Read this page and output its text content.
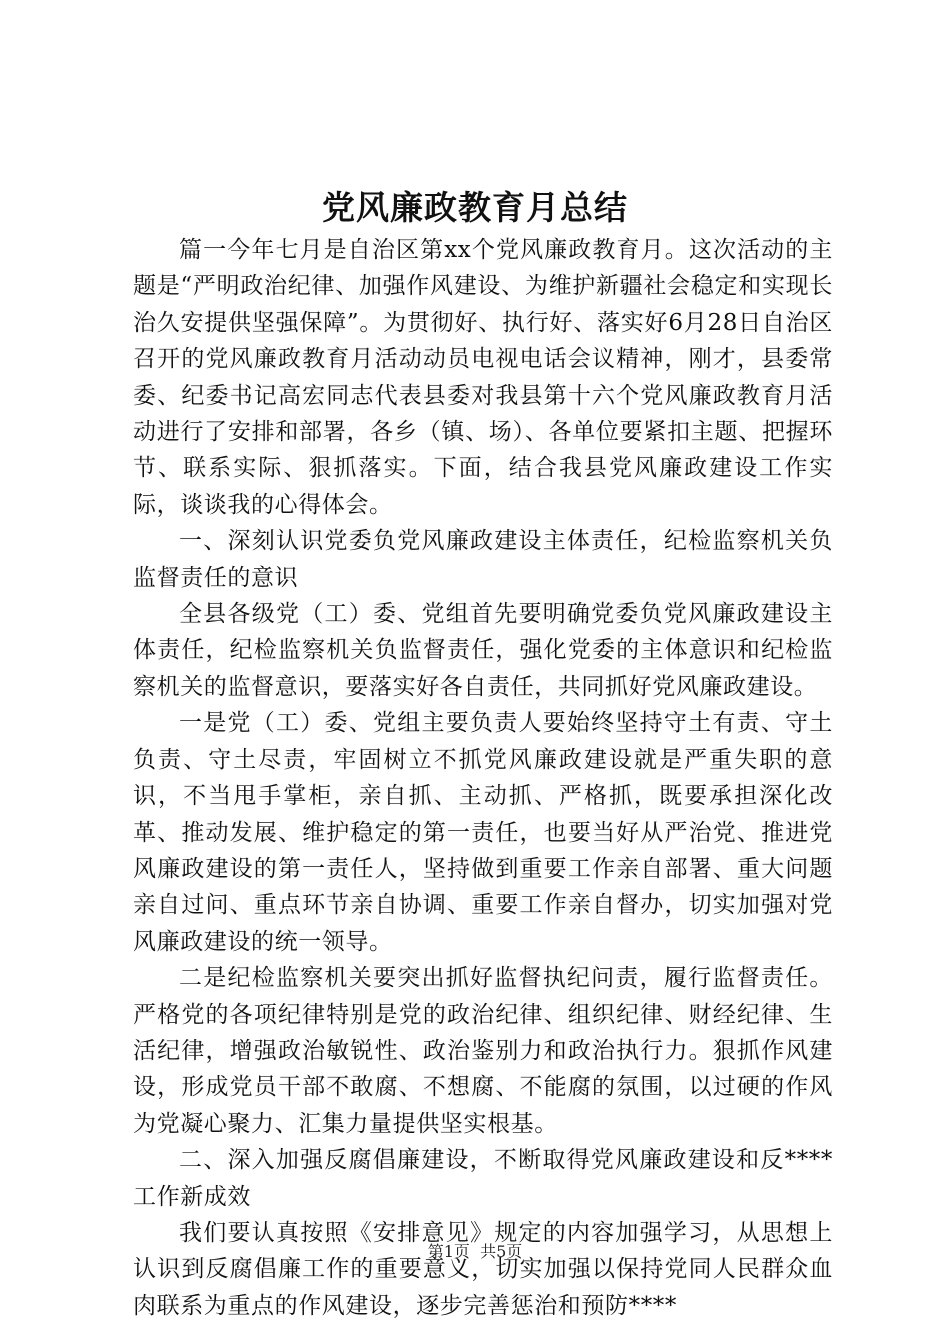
党风廉政教育月总结

篇一今年七月是自治区第xx个党风廉政教育月。这次活动的主题是“严明政治纪律、加强作风建设、为维护新疆社会稳定和实现长治久安提供坚强保障”。为贯彻好、执行好、落实好6月28日自治区召开的党风廉政教育月活动动员电视电话会议精神，刚才，县委常委、纪委书记高宏同志代表县委对我县第十六个党风廉政教育月活动进行了安排和部署，各乡（镇、场）、各单位要紧扣主题、把握环节、联系实际、狠抓落实。下面，结合我县党风廉政建设工作实际，谈谈我的心得体会。

一、深刻认识党委负党风廉政建设主体责任，纪检监察机关负监督责任的意识

全县各级党（工）委、党组首先要明确党委负党风廉政建设主体责任，纪检监察机关负监督责任，强化党委的主体意识和纪检监察机关的监督意识，要落实好各自责任，共同抓好党风廉政建设。

一是党（工）委、党组主要负责人要始终坚持守土有责、守土负责、守土尽责，牢固树立不抓党风廉政建设就是严重失职的意识，不当甩手掌柜，亲自抓、主动抓、严格抓，既要承担深化改革、推动发展、维护稳定的第一责任，也要当好从严治党、推进党风廉政建设的第一责任人，坚持做到重要工作亲自部署、重大问题亲自过问、重点环节亲自协调、重要工作亲自督办，切实加强对党风廉政建设的统一领导。

二是纪检监察机关要突出抓好监督执纪问责，履行监督责任。严格党的各项纪律特别是党的政治纪律、组织纪律、财经纪律、生活纪律，增强政治敏锐性、政治鉴别力和政治执行力。狠抓作风建设，形成党员干部不敢腐、不想腐、不能腐的氛围，以过硬的作风为党凝心聚力、汇集力量提供坚实根基。

二、深入加强反腐倡廉建设，不断取得党风廉政建设和反****工作新成效

我们要认真按照《安排意见》规定的内容加强学习，从思想上认识到反腐倡廉工作的重要意义，切实加强以保持党同人民群众血肉联系为重点的作风建设，逐步完善惩治和预防****

第1页  共5页
